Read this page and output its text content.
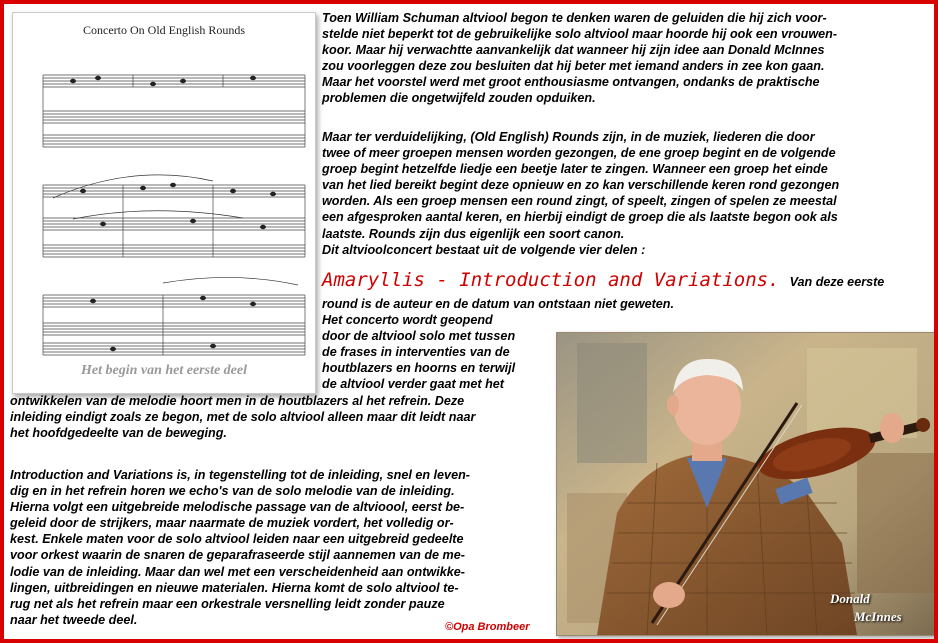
Concerto On Old English Rounds
Het begin van het eerste deel
Toen William Schuman altviool begon te denken waren de geluiden die hij zich voor-
stelde niet beperkt tot de gebruikelijke solo altviool maar hoorde hij ook een vrouwen-
koor. Maar hij verwachtte aanvankelijk dat wanneer hij zijn idee aan Donald McInnes
zou voorleggen deze zou besluiten dat hij beter met iemand anders in zee kon gaan.
Maar het voorstel werd met groot enthousiasme ontvangen, ondanks de praktische
problemen die ongetwijfeld zouden opduiken.
Maar ter verduidelijking, (Old English) Rounds zijn, in de muziek, liederen die door
twee of meer groepen mensen worden gezongen, de ene groep begint en de volgende
groep begint hetzelfde liedje een beetje later te zingen. Wanneer een groep het einde
van het lied bereikt begint deze opnieuw en zo kan verschillende keren rond gezongen
worden. Als een groep mensen een round zingt, of speelt, zingen of spelen ze meestal
een afgesproken aantal keren, en hierbij eindigt de groep die als laatste begon ook als
laatste. Rounds zijn dus eigenlijk een soort canon.
Dit altvioolconcert bestaat uit de volgende vier delen :
Amaryllis - Introduction and Variations. Van deze eerste
round is de auteur en de datum van ontstaan niet geweten.
Het concerto wordt geopend
door de altviool solo met tussen
de frases in interventies van de
houtblazers en hoorns en terwijl
de altviool verder gaat met het
ontwikkelen van de melodie hoort men in de houtblazers al het refrein. Deze
inleiding eindigt zoals ze begon, met de solo altviool alleen maar dit leidt naar
het hoofdgedeelte van de beweging.
Introduction and Variations is, in tegenstelling tot de inleiding, snel en leven-
dig en in het refrein horen we echo's van de solo melodie van de inleiding.
Hierna volgt een uitgebreide melodische passage van de altvioool, eerst be-
geleid door de strijkers, maar naarmate de muziek vordert, het volledig or-
kest. Enkele maten voor de solo altviool leiden naar een uitgebreid gedeelte
voor orkest waarin de snaren de geparafraseerde stijl aannemen van de me-
lodie van de inleiding. Maar dan wel met een verscheidenheid aan ontwikke-
lingen, uitbreidingen en nieuwe materialen. Hierna komt de solo altviool te-
rug net als het refrein maar een orkestrale versnelling leidt zonder pauze
naar het tweede deel.
Donald
McInnes
©Opa Brombeer
